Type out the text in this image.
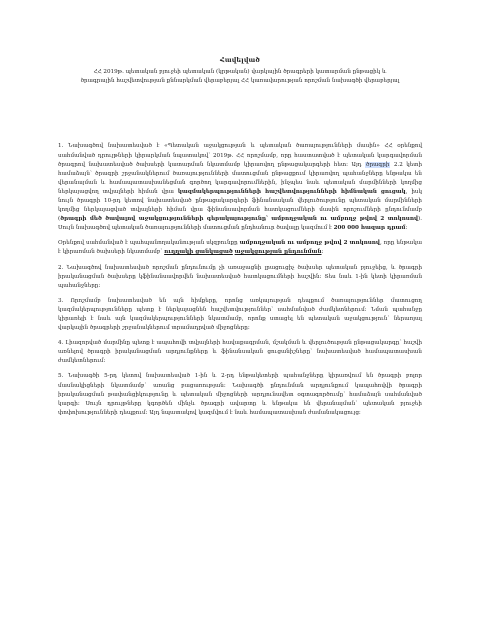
Հավելված
ՀՀ 2019թ. պետական բյուջեի պետական (կրթական) վարկային ծրագրերի կատարման ընթացիկ և ծրագրային հաշվետվության քննարկման վերաբերյալ ՀՀ կառավարության որոշման նախագծի վերաբերյալ

1. Նախագծով նախատեսված է «Պետական աջակցության և պետական ծառայությունների մասին» ՀՀ օրենքով սահմանված դրույթների կիրարկման նպատակով՝ 2019թ. ՀՀ որոշմամբ, որը հաստատված է պետական կարգավորման ծրագրով նախատեսված ծախսերի կատարման նկատմամբ կիրառվող ընթացակարգերի հետ։ Այդ ծրագրի 2.2 կետի համաձայն՝ ծրագրի շրջանակներում ծառայությունների մատուցման ընթացքում կիրառվող պահանջները ենթակա են վերանայման և համապատասխանեցման գործող կարգավորումներին, ինչպես նաև պետական մարմինների կողմից ներկայացվող տվյալների հիման վրա կազմակերպությունների հաշվետվությունների հիմնական ցուցակ, իսկ նույն ծրագրի 10-րդ կետով նախատեսված ընթացակարգերի ֆինանսական վերլուծությունը պետական մարմինների կողմից ներկայացված տվյալների հիման վրա ֆինանսավորման հատկացումների մասին որոշումների ընդունմամբ (ծրագրի մեծ ծավալով աջակցությունների գերակայությունը՝ ամբողջական ու ամբողջ թվով 2 տոկոսով). Սույն նախագծով պետական ծառայությունների մատուցման ընդհանուր ծավալը կազմում է 200 000 հազար դրամ։

Օրենքով սահմանված է պահպանողականության սկզբունքը ամբողջական ու ամբողջ թվով 2 տոկոսով, որը ենթակա է կիրառման ծախսերի նկատմամբ՝ ուղղակի ցանկացած աջակցության ընդունման։

2. Նախագծով նախատեսված որոշման ընդունումը չի առաջացնի լրացուցիչ ծախսեր պետական բյուջեից, և ծրագրի իրականացման ծախսերը կֆինանսավորվեն նախատեսված հատկացումների հաշվին։ Տես նաև 1-ին կետի կիրառման պահանջները։

3. Որոշմամբ նախատեսված են այն հիմքերը, որոնց առկայության դեպքում ծառայություններ մատուցող կազմակերպությունները պետք է ներկայացնեն հաշվետվություններ՝ սահմանված ժամկետներում։ Նման պահանջը կիրառելի է նաև այն կազմակերպությունների նկատմամբ, որոնք ստացել են պետական աջակցություն՝ ներառյալ վարկային ծրագրերի շրջանակներում տրամադրված միջոցները։

4. Լիազորված մարմինը պետք է ապահովի տվյալների հավաքագրման, մշակման և վերլուծության ընթացակարգը՝ հաշվի առնելով ծրագրի իրականացման արդյունքները և ֆինանսական ցուցանիշները՝ նախատեսված համապատասխան ժամկետներում։

5. Նախագծի 5-րդ կետով նախատեսված 1-ին և 2-րդ ենթակետերի պահանջները կիրառվում են ծրագրի բոլոր մասնակիցների նկատմամբ՝ առանց բացառության։ Նախագծի ընդունման արդյունքում կապահովվի ծրագրի իրականացման թափանցիկությունը և պետական միջոցների արդյունավետ օգտագործումը՝ համաձայն սահմանված կարգի։ Սույն դրույթները կգործեն մինչև ծրագրի ավարտը և ենթակա են վերանայման՝ պետական բյուջեի փոփոխությունների դեպքում։ Այդ նպատակով կազմվում է նաև համապատասխան ժամանակացույց։
